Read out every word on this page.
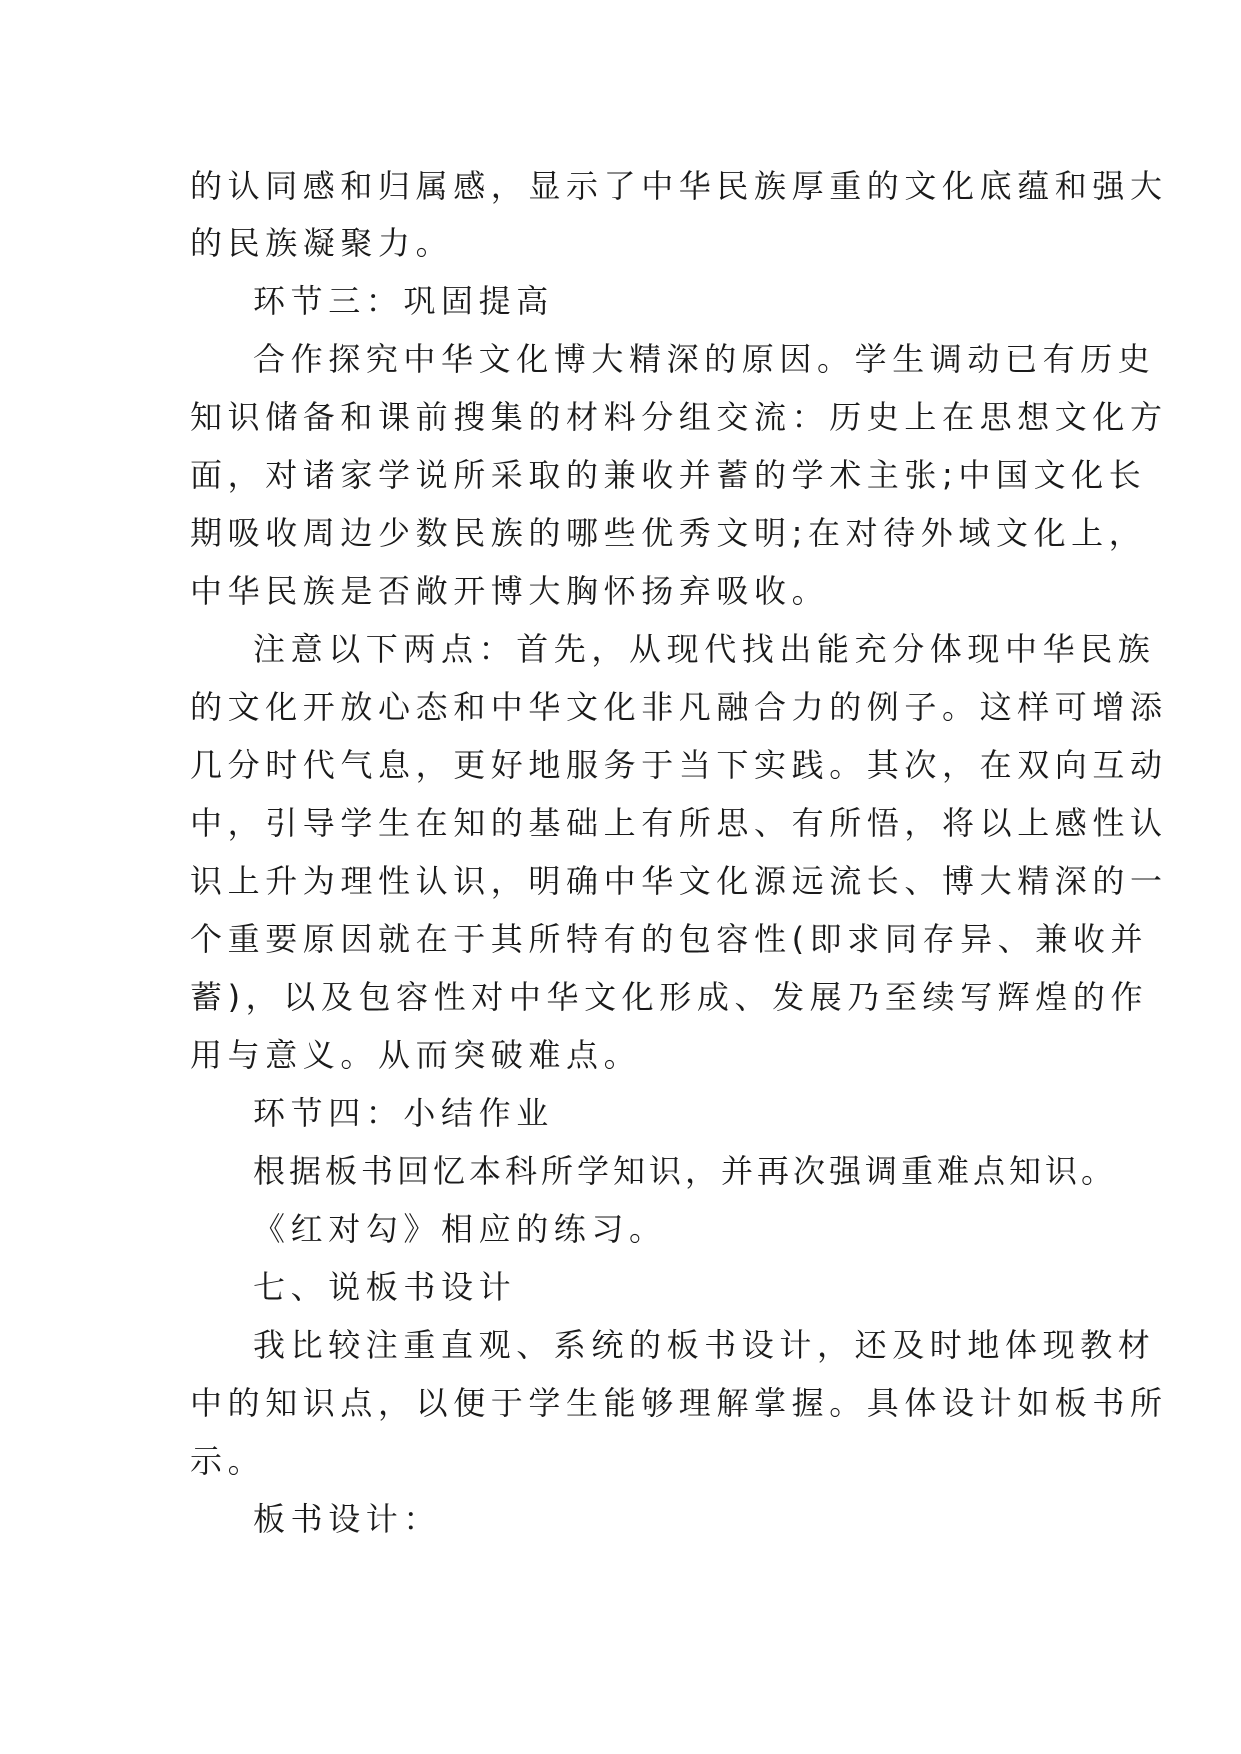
的认同感和归属感，显示了中华民族厚重的文化底蕴和强大
的民族凝聚力。
环节三：巩固提高
合作探究中华文化博大精深的原因。学生调动已有历史
知识储备和课前搜集的材料分组交流：历史上在思想文化方
面，对诸家学说所采取的兼收并蓄的学术主张;中国文化长
期吸收周边少数民族的哪些优秀文明;在对待外域文化上，
中华民族是否敞开博大胸怀扬弃吸收。
注意以下两点：首先，从现代找出能充分体现中华民族
的文化开放心态和中华文化非凡融合力的例子。这样可增添
几分时代气息，更好地服务于当下实践。其次，在双向互动
中，引导学生在知的基础上有所思、有所悟，将以上感性认
识上升为理性认识，明确中华文化源远流长、博大精深的一
个重要原因就在于其所特有的包容性(即求同存异、兼收并
蓄)，以及包容性对中华文化形成、发展乃至续写辉煌的作
用与意义。从而突破难点。
环节四：小结作业
根据板书回忆本科所学知识，并再次强调重难点知识。
《红对勾》相应的练习。
七、说板书设计
我比较注重直观、系统的板书设计，还及时地体现教材
中的知识点，以便于学生能够理解掌握。具体设计如板书所
示。
板书设计：
